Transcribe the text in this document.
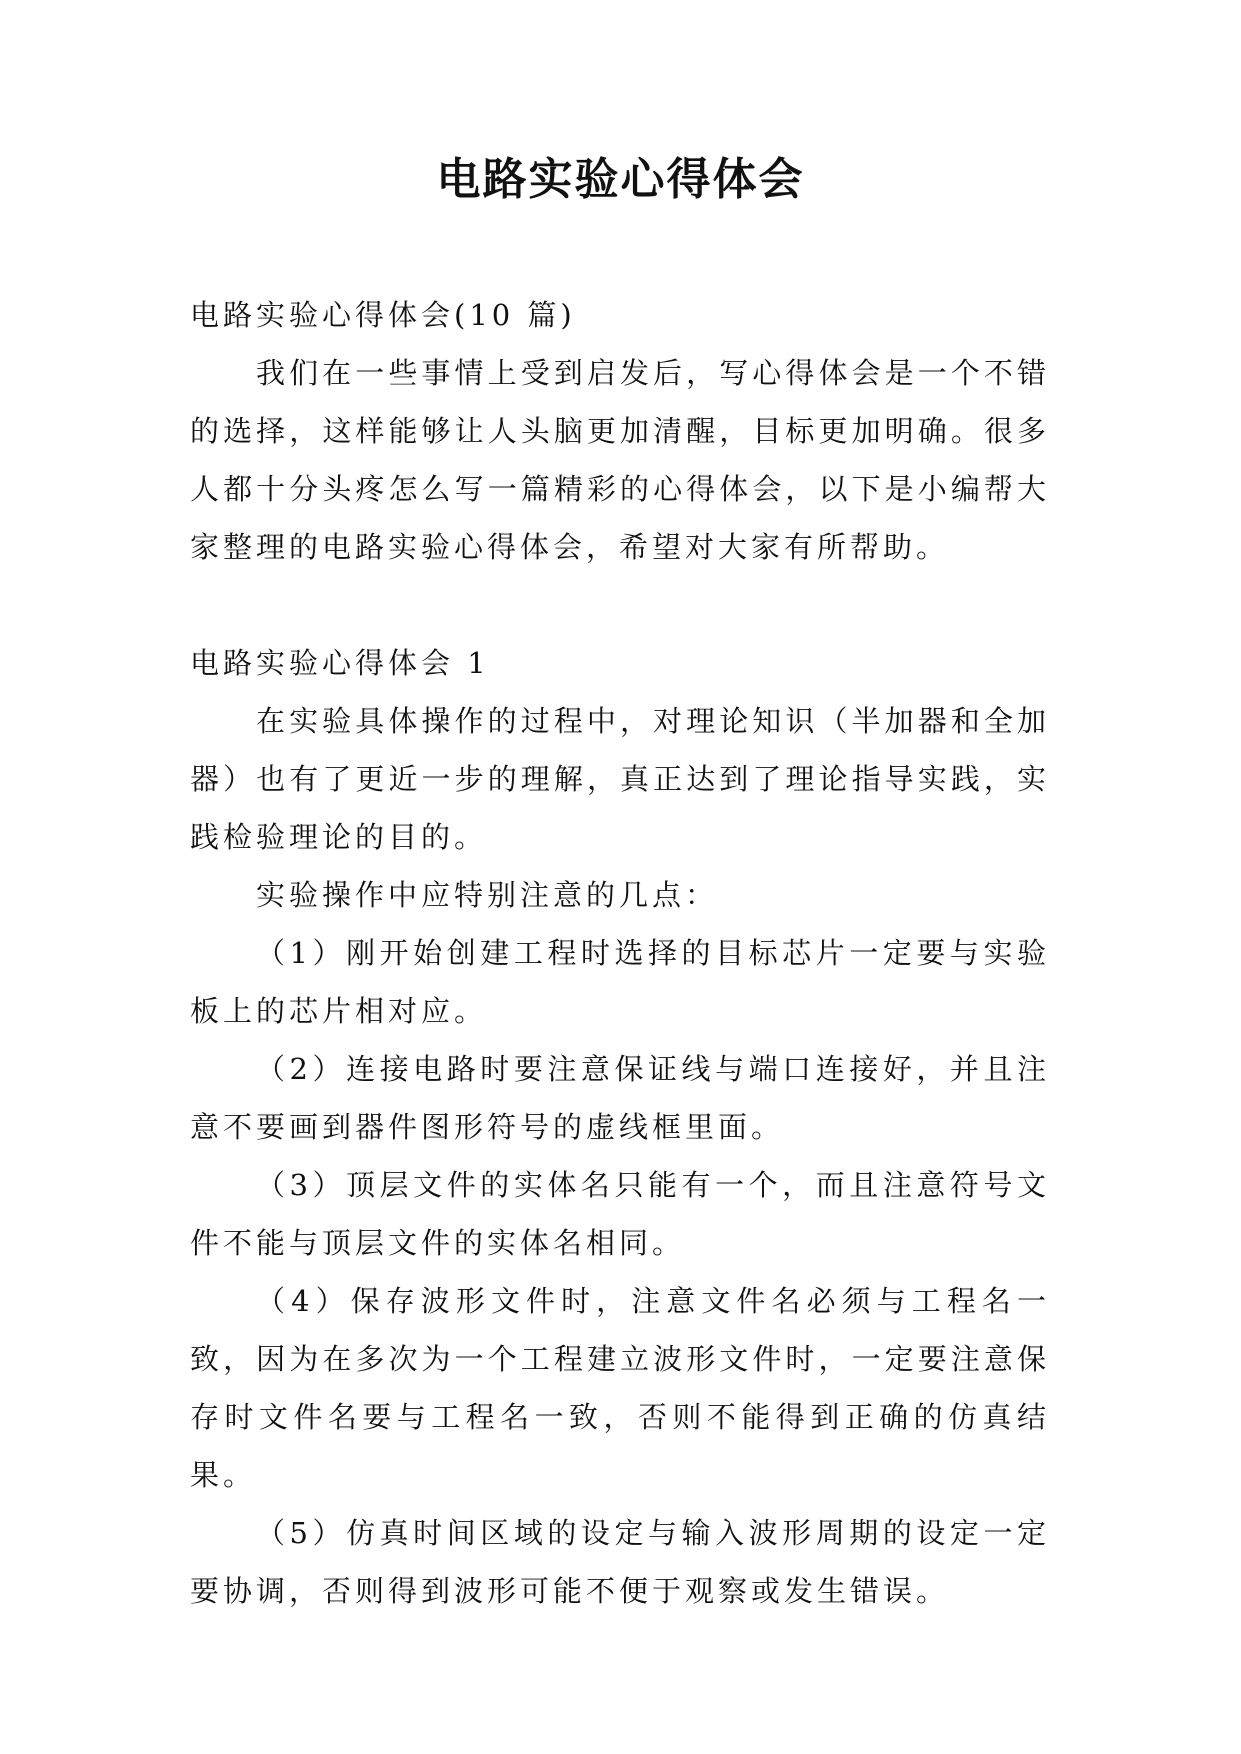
电路实验心得体会

电路实验心得体会(10 篇)

我们在一些事情上受到启发后，写心得体会是一个不错的选择，这样能够让人头脑更加清醒，目标更加明确。很多人都十分头疼怎么写一篇精彩的心得体会，以下是小编帮大家整理的电路实验心得体会，希望对大家有所帮助。

电路实验心得体会 1

在实验具体操作的过程中，对理论知识（半加器和全加器）也有了更近一步的理解，真正达到了理论指导实践，实践检验理论的目的。

实验操作中应特别注意的几点：

（1）刚开始创建工程时选择的目标芯片一定要与实验板上的芯片相对应。

（2）连接电路时要注意保证线与端口连接好，并且注意不要画到器件图形符号的虚线框里面。

（3）顶层文件的实体名只能有一个，而且注意符号文件不能与顶层文件的实体名相同。

（4）保存波形文件时，注意文件名必须与工程名一致，因为在多次为一个工程建立波形文件时，一定要注意保存时文件名要与工程名一致，否则不能得到正确的仿真结果。

（5）仿真时间区域的设定与输入波形周期的设定一定要协调，否则得到波形可能不便于观察或发生错误。
